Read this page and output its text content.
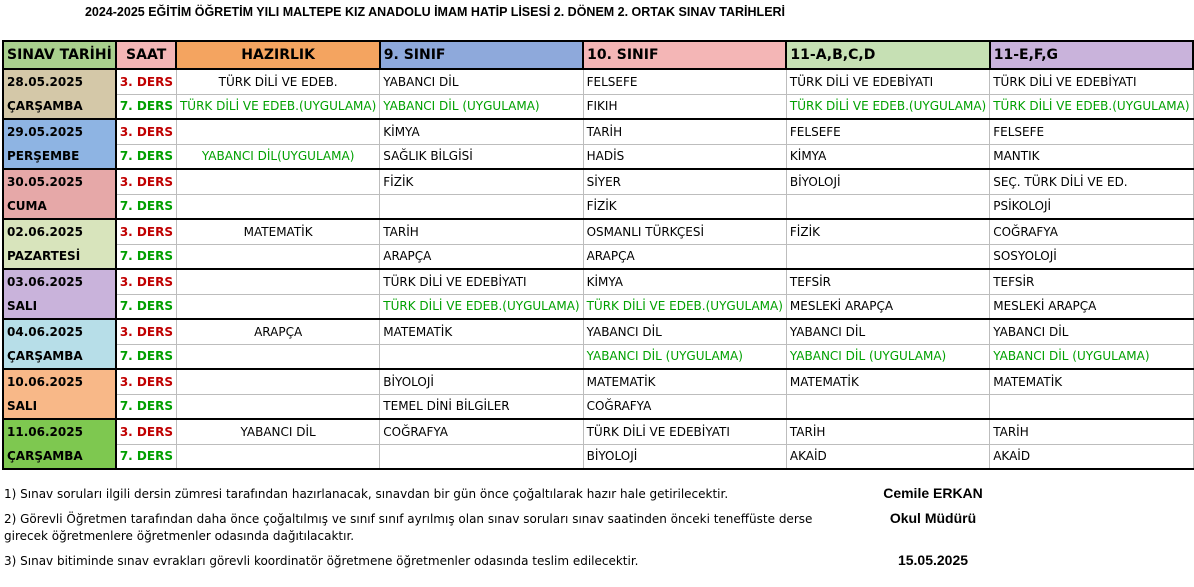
2024-2025 EĞİTİM ÖĞRETİM YILI MALTEPE KIZ ANADOLU İMAM HATİP LİSESİ 2. DÖNEM 2. ORTAK SINAV TARİHLERİ
SINAV TARİHİ	SAAT	HAZIRLIK	9. SINIF	10. SINIF	11-A,B,C,D	11-E,F,G

28.05.2025
ÇARŞAMBA	3. DERS	TÜRK DİLİ VE EDEB.	YABANCI DİL	FELSEFE	TÜRK DİLİ VE EDEBİYATI	TÜRK DİLİ VE EDEBİYATI
	7. DERS	TÜRK DİLİ VE EDEB.(UYGULAMA)	YABANCI DİL (UYGULAMA)	FIKIH	TÜRK DİLİ VE EDEB.(UYGULAMA)	TÜRK DİLİ VE EDEB.(UYGULAMA)

29.05.2025
PERŞEMBE	3. DERS		KİMYA	TARİH	FELSEFE	FELSEFE
	7. DERS	YABANCI DİL(UYGULAMA)	SAĞLIK BİLGİSİ	HADİS	KİMYA	MANTIK

30.05.2025
CUMA	3. DERS		FİZİK	SİYER	BİYOLOJİ	SEÇ. TÜRK DİLİ VE ED.
	7. DERS			FİZİK		PSİKOLOJİ

02.06.2025
PAZARTESİ	3. DERS	MATEMATİK	TARİH	OSMANLI TÜRKÇESİ	FİZİK	COĞRAFYA
	7. DERS		ARAPÇA	ARAPÇA		SOSYOLOJİ

03.06.2025
SALI	3. DERS		TÜRK DİLİ VE EDEBİYATI	KİMYA	TEFSİR	TEFSİR
	7. DERS		TÜRK DİLİ VE EDEB.(UYGULAMA)	TÜRK DİLİ VE EDEB.(UYGULAMA)	MESLEKİ ARAPÇA	MESLEKİ ARAPÇA

04.06.2025
ÇARŞAMBA	3. DERS	ARAPÇA	MATEMATİK	YABANCI DİL	YABANCI DİL	YABANCI DİL
	7. DERS			YABANCI DİL (UYGULAMA)	YABANCI DİL (UYGULAMA)	YABANCI DİL (UYGULAMA)

10.06.2025
SALI	3. DERS		BİYOLOJİ	MATEMATİK	MATEMATİK	MATEMATİK
	7. DERS		TEMEL DİNİ BİLGİLER	COĞRAFYA		

11.06.2025
ÇARŞAMBA	3. DERS	YABANCI DİL	COĞRAFYA	TÜRK DİLİ VE EDEBİYATI	TARİH	TARİH
	7. DERS			BİYOLOJİ	AKAİD	AKAİD
1) Sınav soruları ilgili dersin zümresi tarafından hazırlanacak, sınavdan bir gün önce çoğaltılarak hazır hale getirilecektir.
2) Görevli Öğretmen tarafından daha önce çoğaltılmış ve sınıf sınıf ayrılmış olan sınav soruları sınav saatinden önceki teneffüste derse
girecek öğretmenlere öğretmenler odasında dağıtılacaktır.
3) Sınav bitiminde sınav evrakları görevli koordinatör öğretmene öğretmenler odasında teslim edilecektir.
Cemile ERKAN
Okul Müdürü
15.05.2025
